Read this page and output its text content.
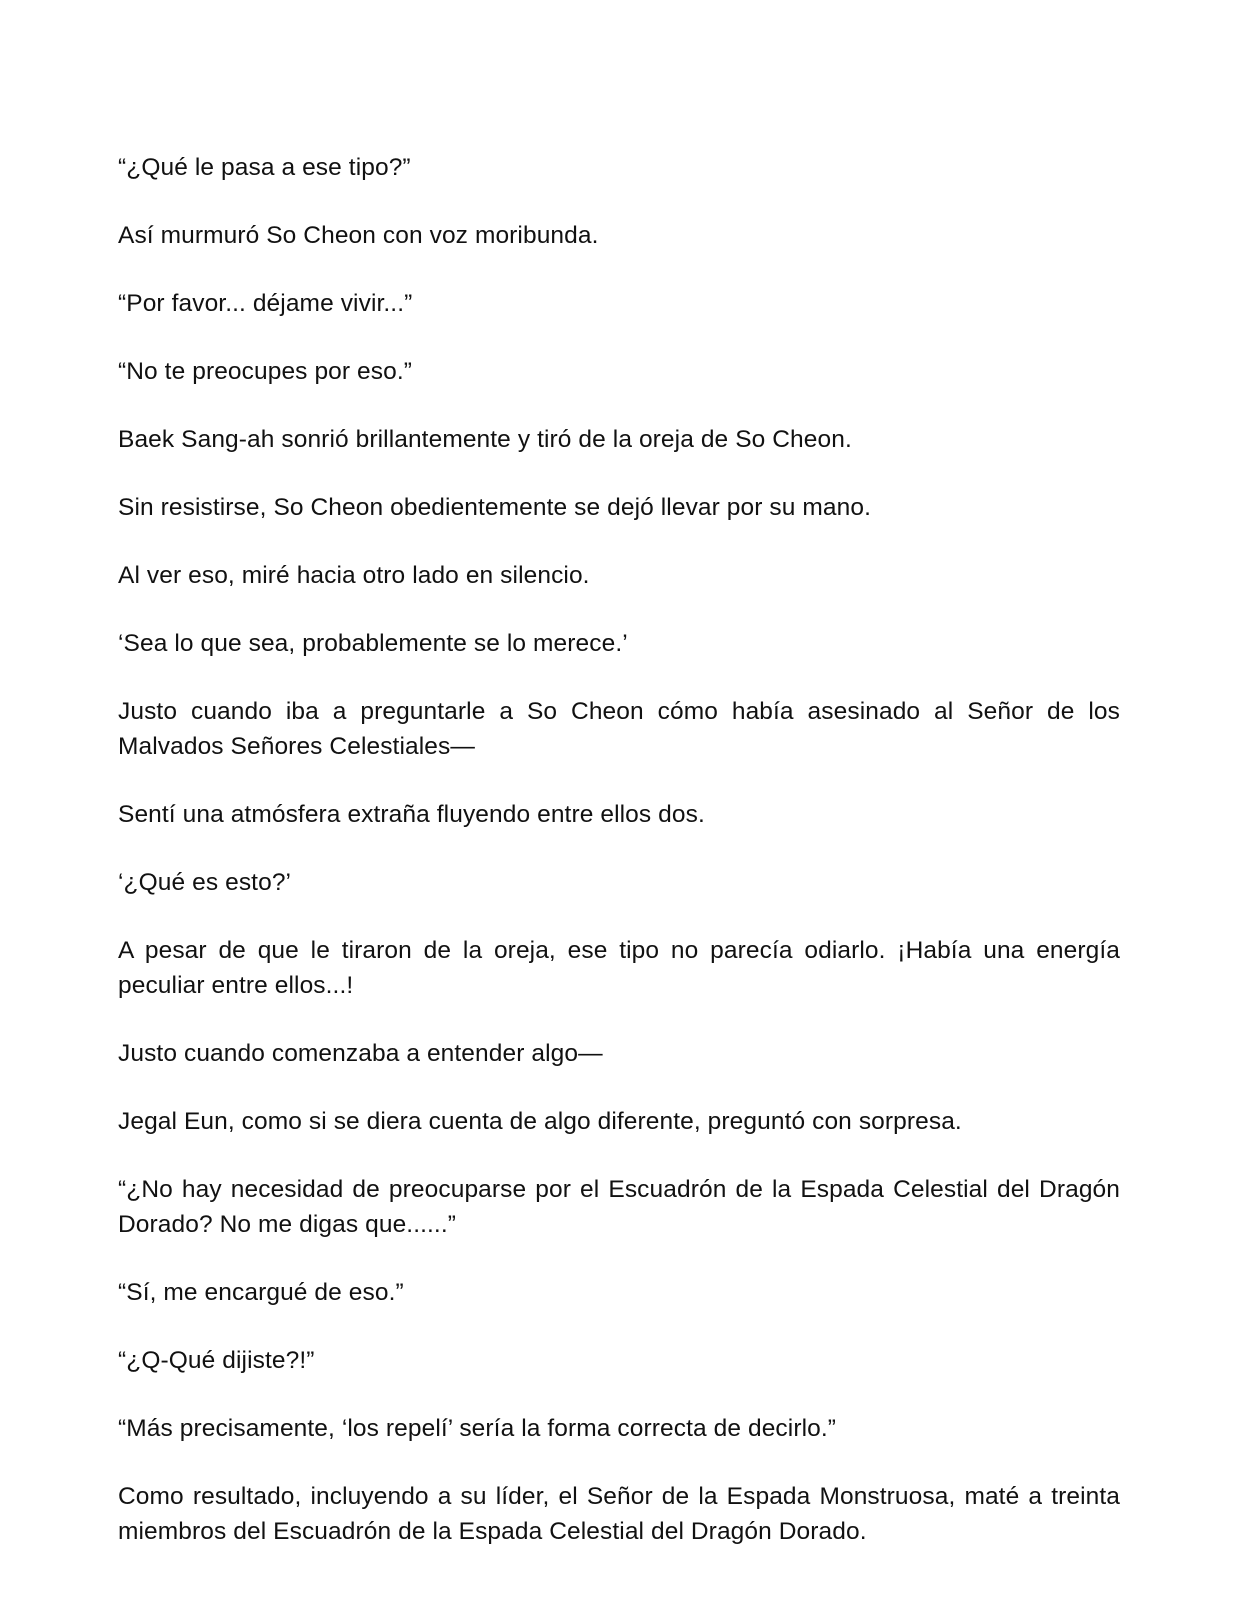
“¿Qué le pasa a ese tipo?”

Así murmuró So Cheon con voz moribunda.

“Por favor... déjame vivir...”

“No te preocupes por eso.”

Baek Sang-ah sonrió brillantemente y tiró de la oreja de So Cheon.

Sin resistirse, So Cheon obedientemente se dejó llevar por su mano.

Al ver eso, miré hacia otro lado en silencio.

‘Sea lo que sea, probablemente se lo merece.’

Justo cuando iba a preguntarle a So Cheon cómo había asesinado al Señor de los Malvados Señores Celestiales—

Sentí una atmósfera extraña fluyendo entre ellos dos.

‘¿Qué es esto?’

A pesar de que le tiraron de la oreja, ese tipo no parecía odiarlo. ¡Había una energía peculiar entre ellos...!

Justo cuando comenzaba a entender algo—

Jegal Eun, como si se diera cuenta de algo diferente, preguntó con sorpresa.

“¿No hay necesidad de preocuparse por el Escuadrón de la Espada Celestial del Dragón Dorado? No me digas que......”

“Sí, me encargué de eso.”

“¿Q-Qué dijiste?!”

“Más precisamente, ‘los repelí’ sería la forma correcta de decirlo.”

Como resultado, incluyendo a su líder, el Señor de la Espada Monstruosa, maté a treinta miembros del Escuadrón de la Espada Celestial del Dragón Dorado.
